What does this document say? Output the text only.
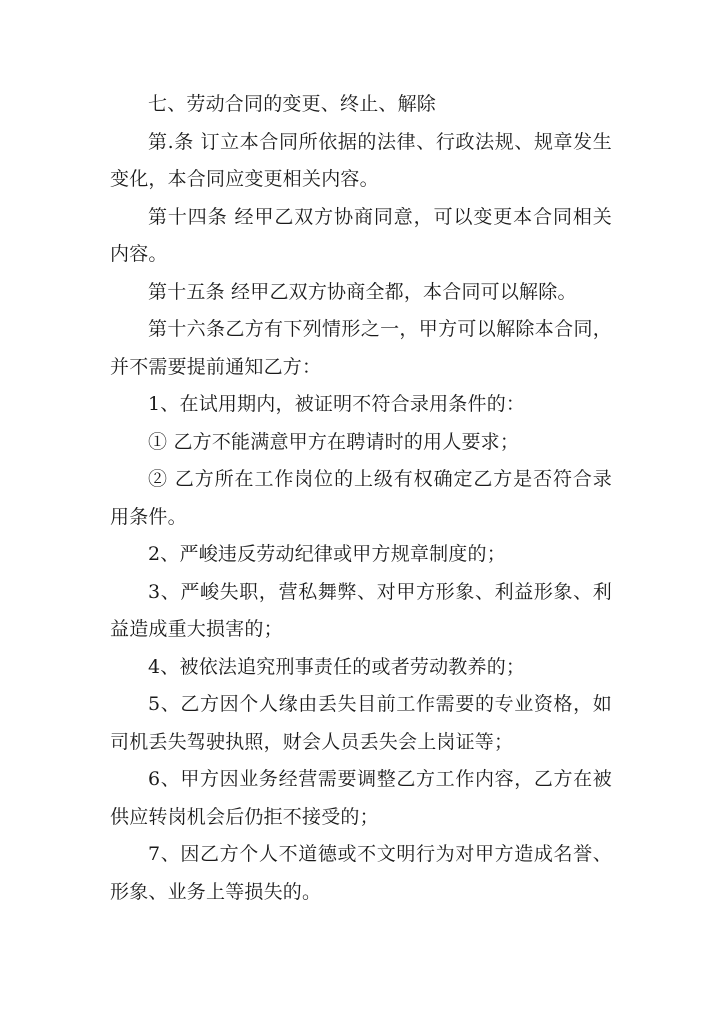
七、劳动合同的变更、终止、解除

第.条 订立本合同所依据的法律、行政法规、规章发生变化，本合同应变更相关内容。

第十四条 经甲乙双方协商同意，可以变更本合同相关内容。

第十五条 经甲乙双方协商全都，本合同可以解除。

第十六条乙方有下列情形之一，甲方可以解除本合同，并不需要提前通知乙方：

1、在试用期内，被证明不符合录用条件的：

① 乙方不能满意甲方在聘请时的用人要求；

② 乙方所在工作岗位的上级有权确定乙方是否符合录用条件。

2、严峻违反劳动纪律或甲方规章制度的；

3、严峻失职，营私舞弊、对甲方形象、利益形象、利益造成重大损害的；

4、被依法追究刑事责任的或者劳动教养的；

5、乙方因个人缘由丢失目前工作需要的专业资格，如司机丢失驾驶执照，财会人员丢失会上岗证等；

6、甲方因业务经营需要调整乙方工作内容，乙方在被供应转岗机会后仍拒不接受的；

7、因乙方个人不道德或不文明行为对甲方造成名誉、形象、业务上等损失的。
